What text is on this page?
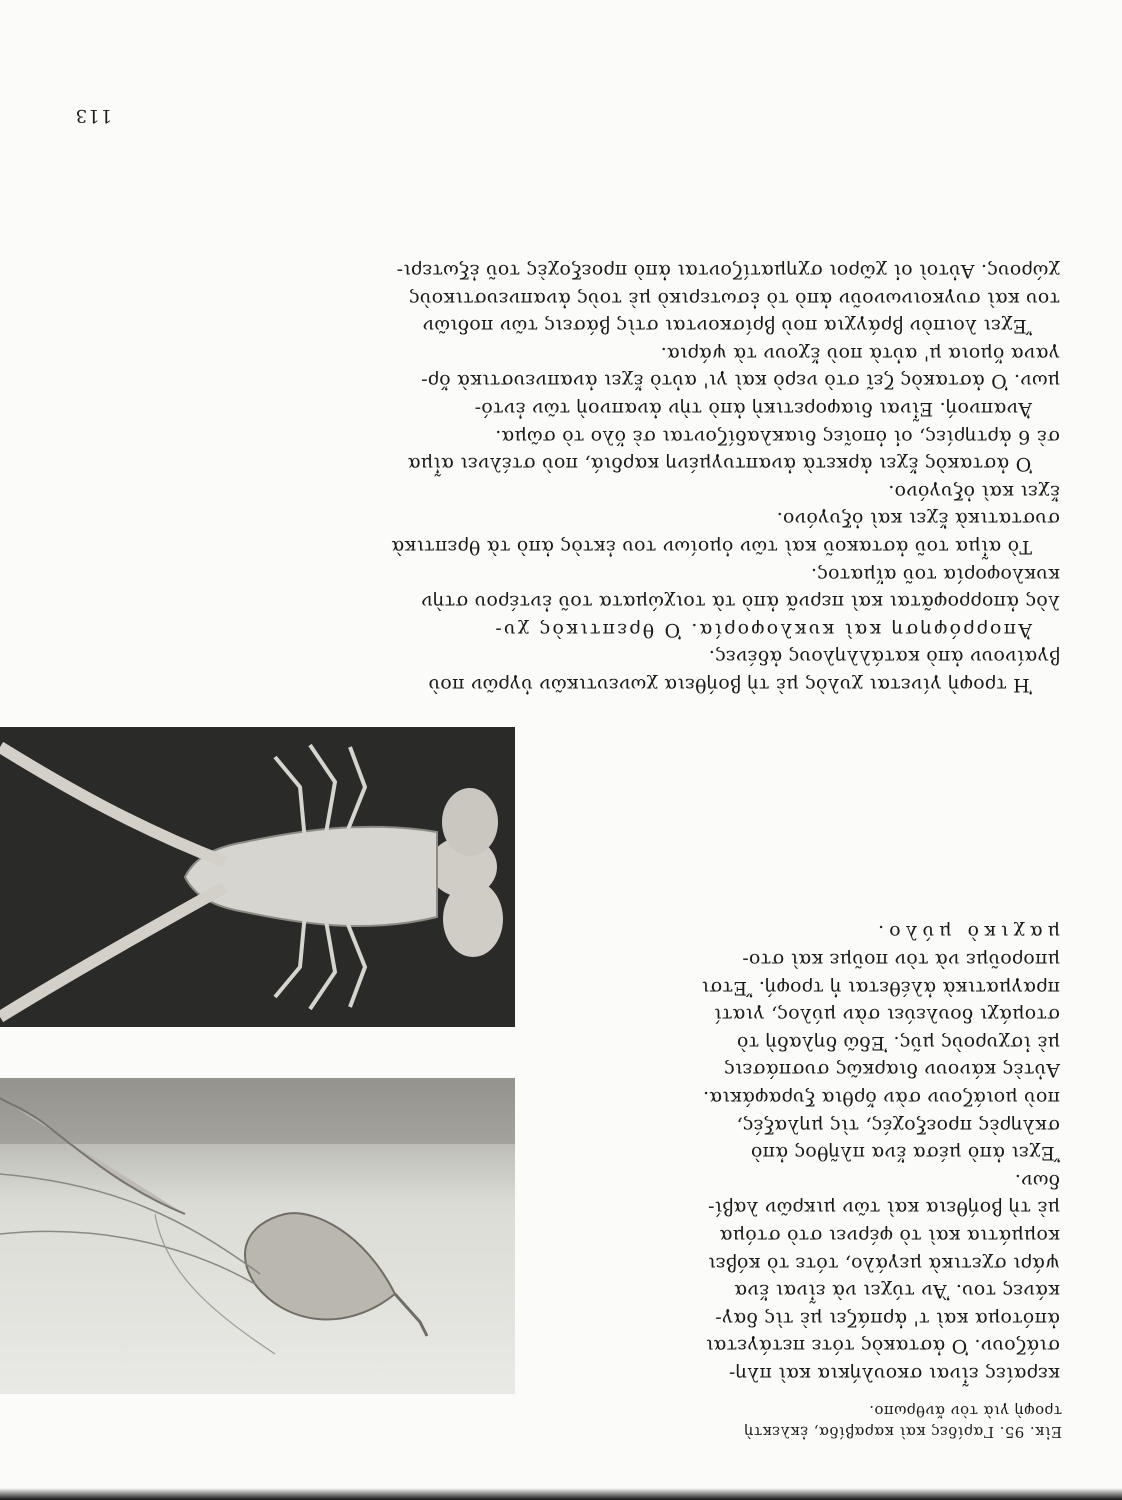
Εἰκ. 95. Γαρίδες καὶ καραβίδα, ἐκλεκτὴ
τροφὴ γιὰ τὸν ἄνθρωπο.

κεραίες εἶναι σκουλήκια καὶ πλη-

σιάζουν. Ὁ ἀστακὸς τότε πετάγεται

ἀπότομα καὶ τ' ἁρπάζει μὲ τὶς δαγ-

κάνες του. Ἂν τύχει νὰ εἶναι ἕνα

ψάρι σχετικὰ μεγάλο, τότε τὸ κόβει

κομμάτια καὶ τὸ φέρνει στὸ στόμα

μὲ τὴ βοήθεια καὶ τῶν μικρῶν λαβί-

δων.

Ἔχει ἀπὸ μέσα ἕνα πλῆθος ἀπὸ

σκληρὲς προεξοχές, τὶς μηλαξές,

ποὺ μοιάζουν σὰν ὄρθια ξυραφάκια.

Αὐτὲς κάνουν διαρκῶς συσπάσεις

μὲ ἰσχυροὺς μῦς. Ἐδῶ δηλαδὴ τὸ

στομάχι δουλεύει σὰν μύλος, γιατί

πραγματικὰ ἀλέθεται ἡ τροφή. Ἔτσι

μποροῦμε νὰ τὸν ποῦμε καὶ στο-

μαχικὸ μύλο.

Ἡ τροφὴ γίνεται χυλὸς μὲ τὴ βοήθεια χωνευτικῶν ὑγρῶν ποὺ

βγαίνουν ἀπὸ κατάλληλους ἀδένες.

Ἀπορρόφηση καὶ κυκλοφορία. Ὁ θρεπτικὸς χυ-

λὸς ἀπορροφᾶται καὶ περνᾶ ἀπὸ τὰ τοιχώματα τοῦ ἐντέρου στὴν

κυκλοφορία τοῦ αἵματος.

Τὸ αἷμα τοῦ ἀστακοῦ καὶ τῶν ὁμοίων του ἐκτὸς ἀπὸ τὰ θρεπτικὰ

συστατικὰ ἔχει καὶ ὀξυγόνο.

ἔχει καὶ ὀξυγόνο.

Ὁ ἀστακὸς ἔχει ἀρκετὰ ἀναπτυγμένη καρδιά, ποὺ στέλνει αἷμα

σὲ 6 ἀρτηρίες, οἱ ὁποῖες διακλαδίζονται σὲ ὅλο τὸ σῶμα.

Ἀναπνοή. Εἶναι διαφορετικὴ ἀπὸ τὴν ἀναπνοὴ τῶν ἐντό-

μων. Ὁ ἀστακὸς ζεῖ στὸ νερὸ καὶ γι' αὐτὸ ἔχει ἀναπνευστικὰ ὄρ-

γανα ὅμοια μ' αὐτὰ ποὺ ἔχουν τὰ ψάρια.

Ἔχει λοιπὸν βράγχια ποὺ βρίσκονται στὶς βάσεις τῶν ποδιῶν

του καὶ συγκοινωνοῦν ἀπὸ τὸ ἐσωτερικὸ μὲ τοὺς ἀναπνευστικοὺς

χώρους. Αὐτοὶ οἱ χῶροι σχηματίζονται ἀπὸ προεξοχὲς τοῦ ἐξωτερι-

113
